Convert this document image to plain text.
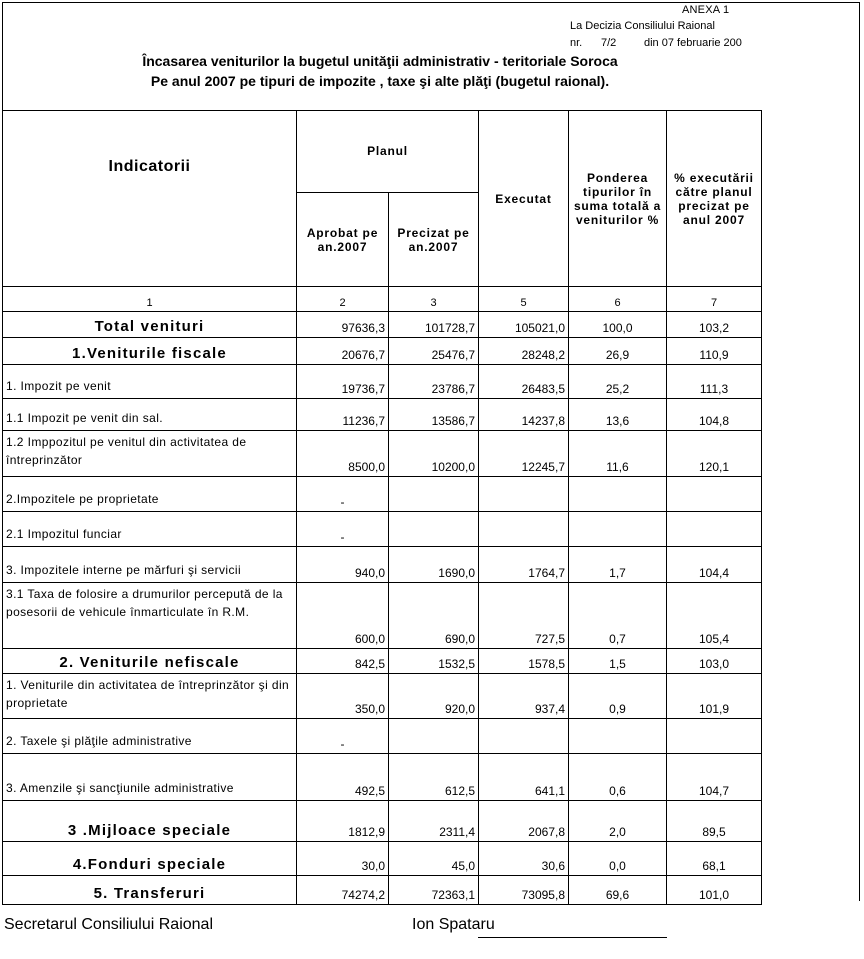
ANEXA 1
La Decizia Consiliului Raional
nr. 7/2	din 07 februarie 200
Încasarea veniturilor la bugetul unităţii administrativ - teritoriale Soroca
Pe anul 2007 pe tipuri de impozite , taxe şi alte plăţi (bugetul raional).
Indicatorii	Planul		Executat	Ponderea tipurilor în suma totală a veniturilor %	% executării către planul precizat pe anul 2007
	Aprobat pe an.2007	Precizat pe an.2007			
1	2	3	5	6	7
Total venituri	97636,3	101728,7	105021,0	100,0	103,2
1.Veniturile fiscale	20676,7	25476,7	28248,2	26,9	110,9
1. Impozit pe venit	19736,7	23786,7	26483,5	25,2	111,3
1.1 Impozit pe venit din sal.	11236,7	13586,7	14237,8	13,6	104,8
1.2 Imppozitul pe venitul din activitatea de întreprinzător	8500,0	10200,0	12245,7	11,6	120,1
2.Impozitele pe proprietate	-				
2.1 Impozitul funciar	-				
3. Impozitele interne pe mărfuri şi servicii	940,0	1690,0	1764,7	1,7	104,4
3.1 Taxa de folosire a drumurilor percepută de la posesorii de vehicule înmarticulate în R.M.	600,0	690,0	727,5	0,7	105,4
2. Veniturile nefiscale	842,5	1532,5	1578,5	1,5	103,0
1. Veniturile din activitatea de întreprinzător şi din proprietate	350,0	920,0	937,4	0,9	101,9
2. Taxele şi plăţile administrative	-				
3. Amenzile şi sancţiunile administrative	492,5	612,5	641,1	0,6	104,7
3 .Mijloace speciale	1812,9	2311,4	2067,8	2,0	89,5
4.Fonduri speciale	30,0	45,0	30,6	0,0	68,1
5. Transferuri	74274,2	72363,1	73095,8	69,6	101,0
Secretarul Consiliului Raional	Ion Spataru
